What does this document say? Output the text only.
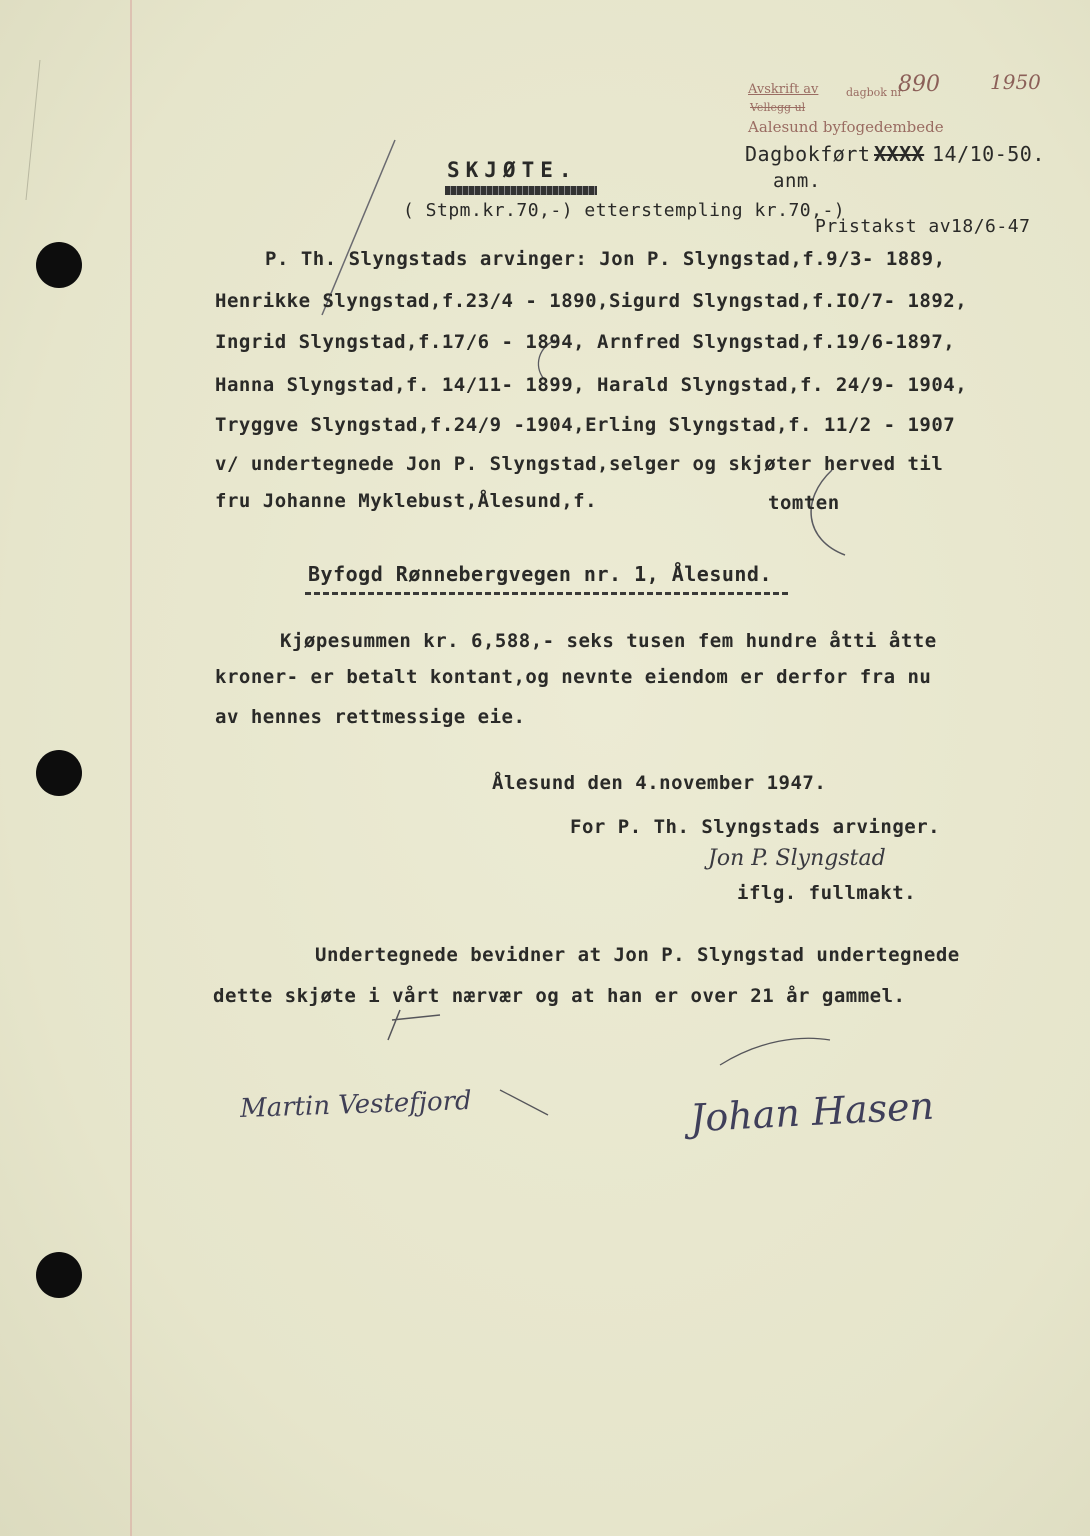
Avskrift av	dagbok nr
890	1950
Vellegg ul
Aalesund byfogedembede
Dagbokført XXXX 14/10-50.
anm.
SKJØTE.
( Stpm.kr.70,-) etterstempling kr.70,-)
Pristakst av18/6-47
P. Th. Slyngstads arvinger: Jon P. Slyngstad,f.9/3- 1889,
Henrikke Slyngstad,f.23/4 - 1890,Sigurd Slyngstad,f.IO/7- 1892,
Ingrid Slyngstad,f.17/6 - 1894, Arnfred Slyngstad,f.19/6-1897,
Hanna Slyngstad,f. 14/11- 1899, Harald Slyngstad,f. 24/9- 1904,
Tryggve Slyngstad,f.24/9 -1904,Erling Slyngstad,f. 11/2 - 1907
v/ undertegnede Jon P. Slyngstad,selger og skjøter herved til
fru Johanne Myklebust,Ålesund,f.	tomten
Byfogd Rønnebergvegen nr. 1, Ålesund.
Kjøpesummen kr. 6,588,- seks tusen fem hundre åtti åtte
kroner- er betalt kontant,og nevnte eiendom er derfor fra nu
av hennes rettmessige eie.
Ålesund den 4.november 1947.
For P. Th. Slyngstads arvinger.
Jon P. Slyngstad
iflg. fullmakt.
Undertegnede bevidner at Jon P. Slyngstad undertegnede
dette skjøte i vårt nærvær og at han er over 21 år gammel.
Martin Vestefjord	Johan Hasen
